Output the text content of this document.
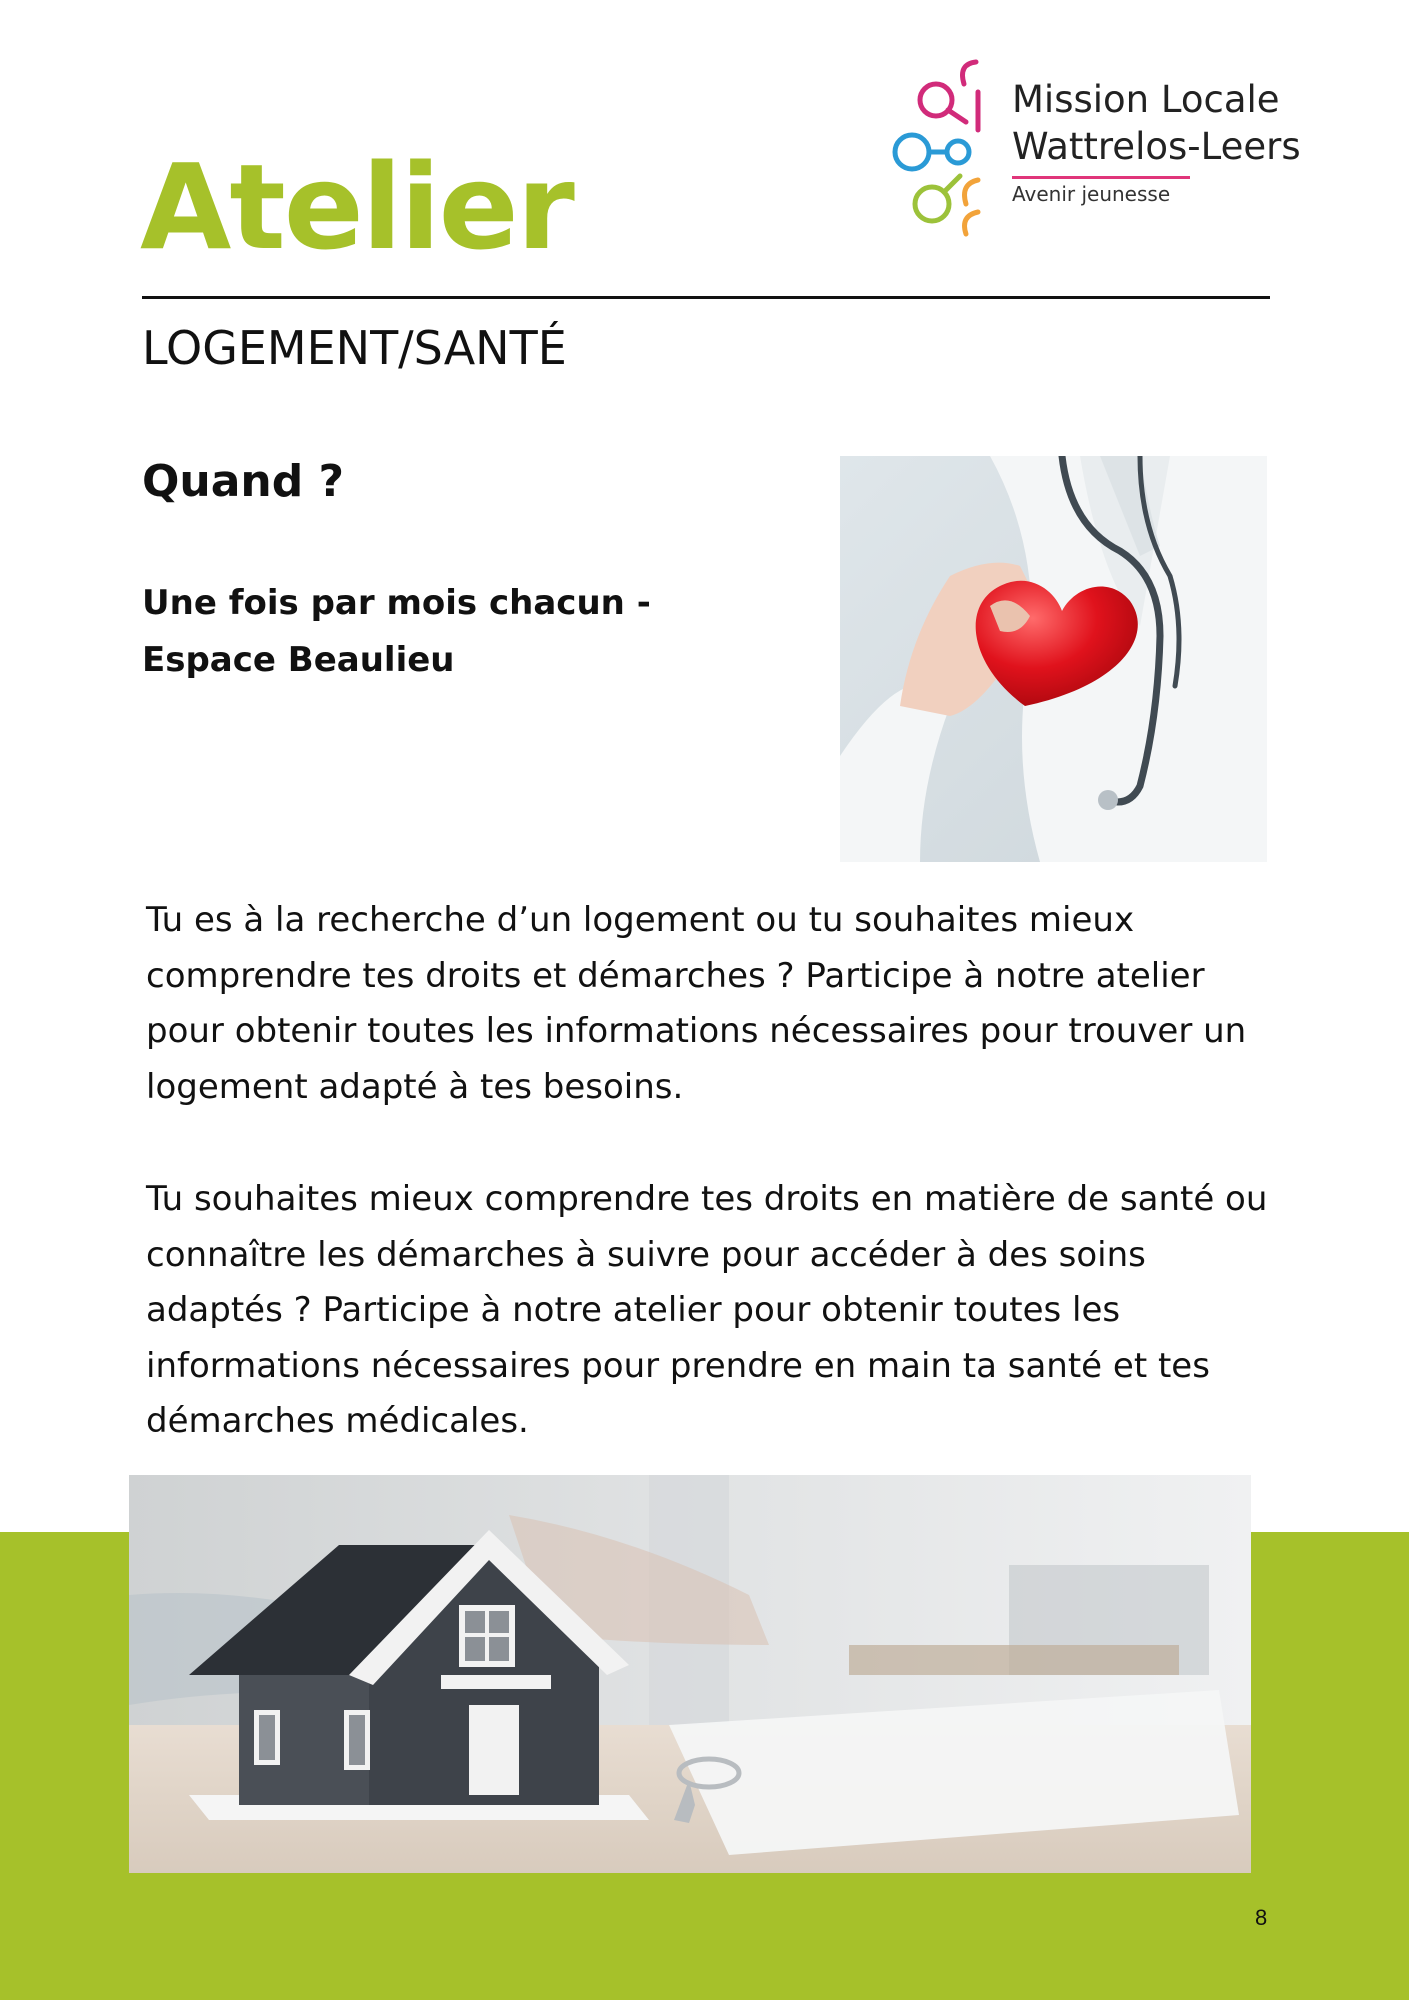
Mission Locale
Wattrelos-Leers
Avenir jeunesse
Atelier
LOGEMENT/SANTÉ
Quand ?

Une fois par mois chacun -
Espace Beaulieu

Tu es à la recherche d’un logement ou tu souhaites mieux comprendre tes droits et démarches ? Participe à notre atelier pour obtenir toutes les informations nécessaires pour trouver un logement adapté à tes besoins.

Tu souhaites mieux comprendre tes droits en matière de santé ou connaître les démarches à suivre pour accéder à des soins adaptés ? Participe à notre atelier pour obtenir toutes les informations nécessaires pour prendre en main ta santé et tes démarches médicales.

8
